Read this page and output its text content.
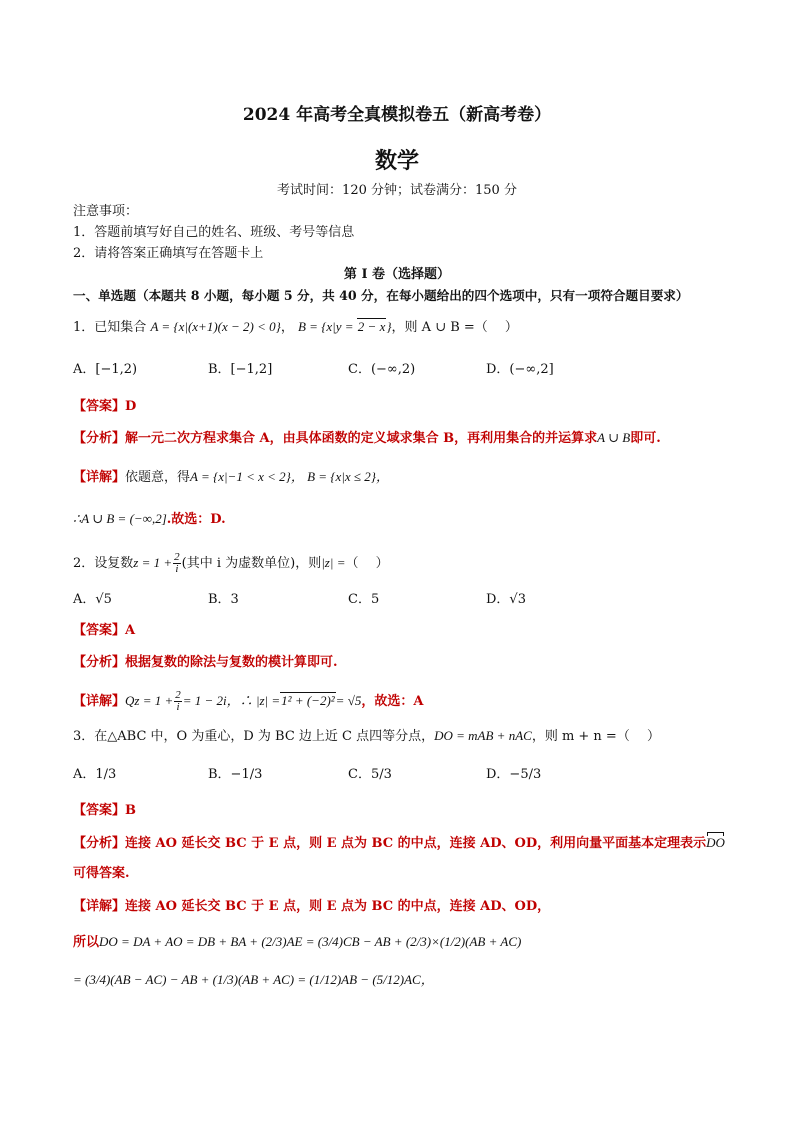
2024 年高考全真模拟卷五（新高考卷）
数学
考试时间：120 分钟；试卷满分：150 分
注意事项：
1．答题前填写好自己的姓名、班级、考号等信息
2．请将答案正确填写在答题卡上
第 I 卷（选择题）
一、单选题（本题共 8 小题，每小题 5 分，共 40 分，在每小题给出的四个选项中，只有一项符合题目要求）
1．已知集合 A = {x|(x+1)(x − 2) < 0}， B = {x|y = 2 − x}，则 A ∪ B =（　 ）
A．[−1,2)	B．[−1,2]	C．(−∞,2)	D．(−∞,2]
【答案】D
【分析】解一元二次方程求集合 A，由具体函数的定义域求集合 B，再利用集合的并运算求A ∪ B即可.
【详解】依题意，得A = {x|−1 < x < 2}， B = {x|x ≤ 2}，
∴A ∪ B = (−∞,2].故选：D.
2．设复数$z = 1 + \frac{2}{i}$ (其中 i 为虚数单位)，则|z| =（　 ）
A．√5	B．3	C．5	D．√3
【答案】A
【分析】根据复数的除法与复数的模计算即可.
【详解】$Qz = 1 + \frac{2}{i} = 1 - 2i$，∴ |z| =1² + (−2)²= √5，故选：A
3．在△ABC 中，O 为重心，D 为 BC 边上近 C 点四等分点，DO = mAB + nAC，则 m + n =（　 ）
A．1/3	B．−1/3	C．5/3	D．−5/3
【答案】B
【分析】连接 AO 延长交 BC 于 E 点，则 E 点为 BC 的中点，连接 AD、OD，利用向量平面基本定理表示DO
可得答案.
【详解】连接 AO 延长交 BC 于 E 点，则 E 点为 BC 的中点，连接 AD、OD，
所以DO = DA + AO = DB + BA + (2/3)AE = (3/4)CB − AB + (2/3)×(1/2)(AB + AC)
= (3/4)(AB − AC) − AB + (1/3)(AB + AC) = (1/12)AB − (5/12)AC，
